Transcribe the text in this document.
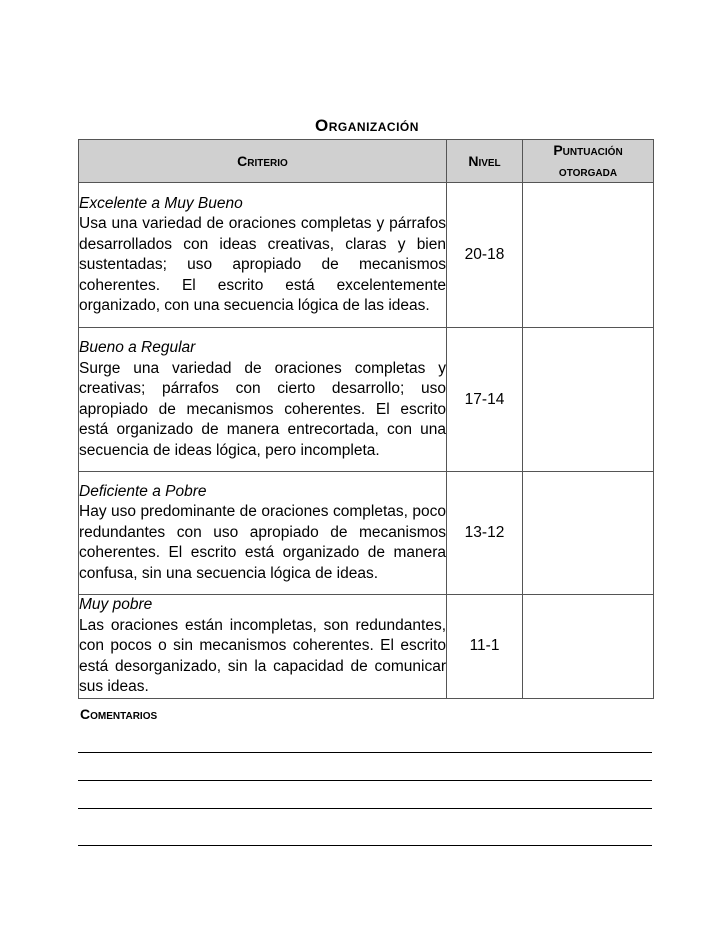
Organización
Criterio	Nivel	Puntuación
otorgada

Excelente a Muy Bueno
Usa una variedad de oraciones completas y párrafos desarrollados con ideas creativas, claras y bien sustentadas; uso apropiado de mecanismos coherentes. El escrito está excelentemente organizado, con una secuencia lógica de las ideas.	20-18	

Bueno a Regular
Surge una variedad de oraciones completas y creativas; párrafos con cierto desarrollo; uso apropiado de mecanismos coherentes. El escrito está organizado de manera entrecortada, con una secuencia de ideas lógica, pero incompleta.	17-14	

Deficiente a Pobre
Hay uso predominante de oraciones completas, poco redundantes con uso apropiado de mecanismos coherentes. El escrito está organizado de manera confusa, sin una secuencia lógica de ideas.	13-12	

Muy pobre
Las oraciones están incompletas, son redundantes, con pocos o sin mecanismos coherentes. El escrito está desorganizado, sin la capacidad de comunicar sus ideas.	11-1	
Comentarios
